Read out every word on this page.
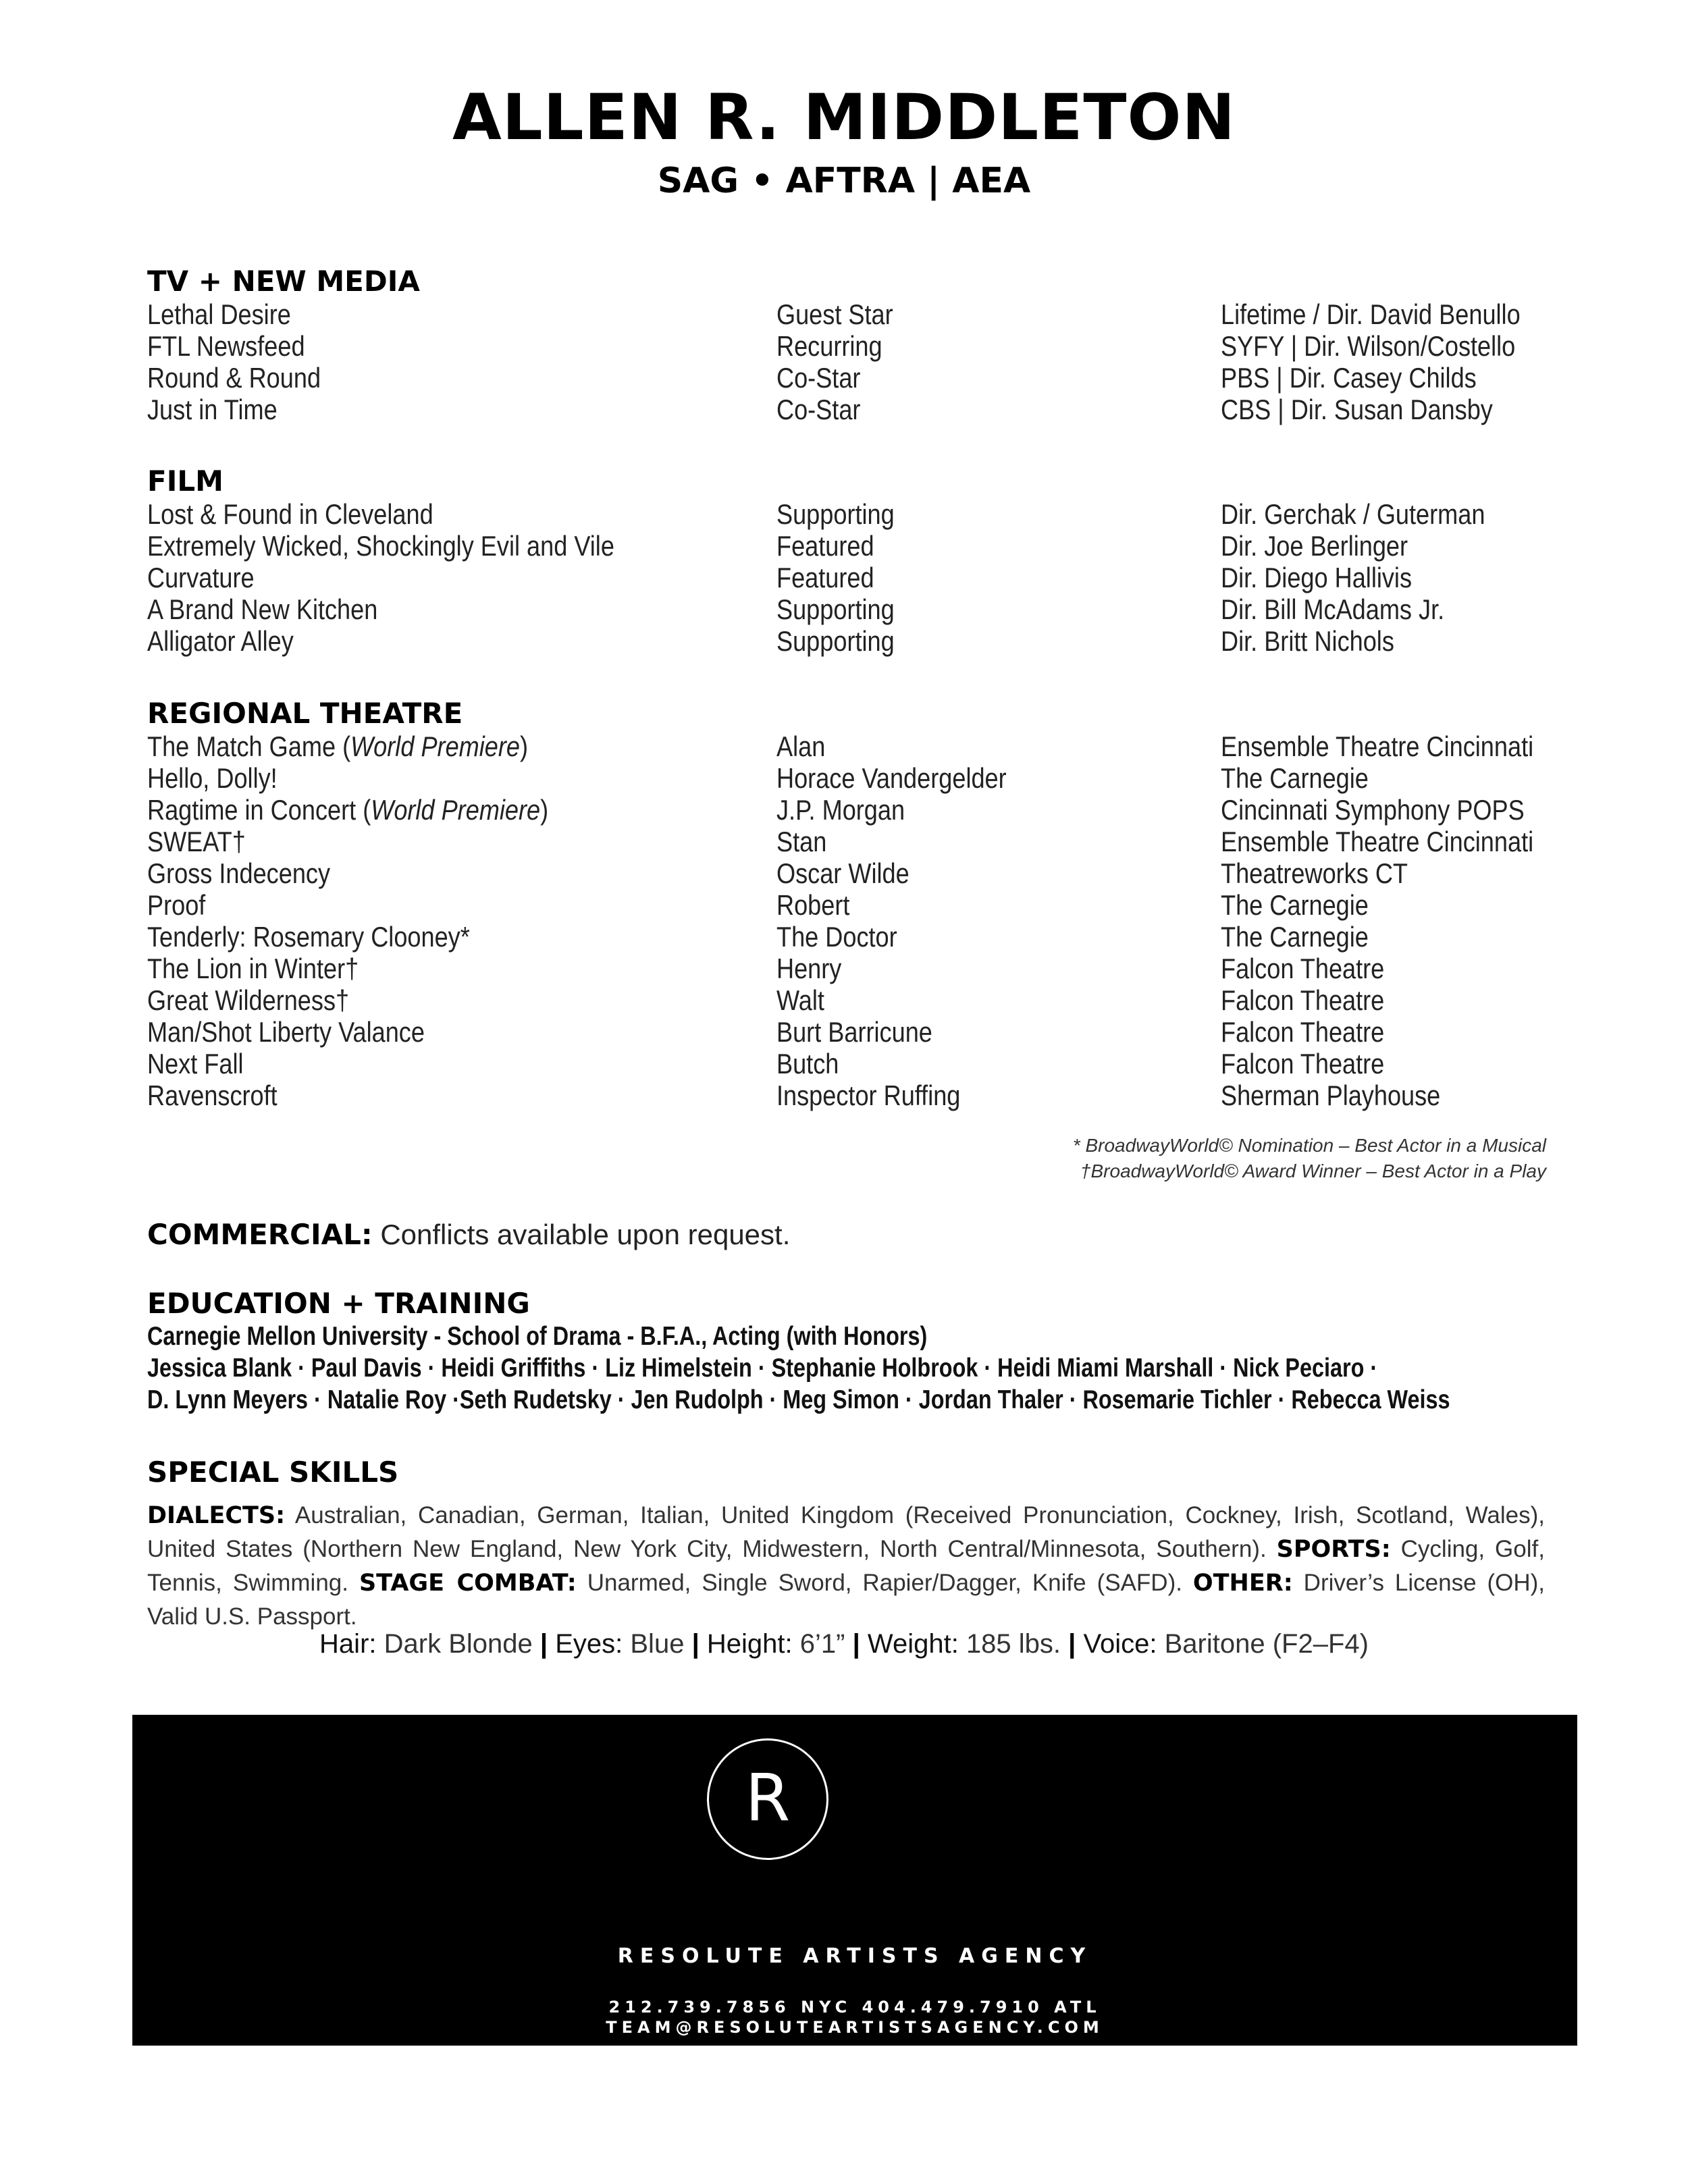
ALLEN R. MIDDLETON
SAG • AFTRA | AEA
TV + NEW MEDIA
Lethal Desire	Guest Star	Lifetime / Dir. David Benullo
FTL Newsfeed	Recurring	SYFY | Dir. Wilson/Costello
Round & Round	Co-Star	PBS | Dir. Casey Childs
Just in Time	Co-Star	CBS | Dir. Susan Dansby
FILM
Lost & Found in Cleveland	Supporting	Dir. Gerchak / Guterman
Extremely Wicked, Shockingly Evil and Vile	Featured	Dir. Joe Berlinger
Curvature	Featured	Dir. Diego Hallivis
A Brand New Kitchen	Supporting	Dir. Bill McAdams Jr.
Alligator Alley	Supporting	Dir. Britt Nichols
REGIONAL THEATRE
The Match Game (World Premiere)	Alan	Ensemble Theatre Cincinnati
Hello, Dolly!	Horace Vandergelder	The Carnegie
Ragtime in Concert (World Premiere)	J.P. Morgan	Cincinnati Symphony POPS
SWEAT†	Stan	Ensemble Theatre Cincinnati
Gross Indecency	Oscar Wilde	Theatreworks CT
Proof	Robert	The Carnegie
Tenderly: Rosemary Clooney*	The Doctor	The Carnegie
The Lion in Winter†	Henry	Falcon Theatre
Great Wilderness†	Walt	Falcon Theatre
Man/Shot Liberty Valance	Burt Barricune	Falcon Theatre
Next Fall	Butch	Falcon Theatre
Ravenscroft	Inspector Ruffing	Sherman Playhouse
* BroadwayWorld© Nomination – Best Actor in a Musical
†BroadwayWorld© Award Winner – Best Actor in a Play
COMMERCIAL: Conflicts available upon request.
EDUCATION + TRAINING
Carnegie Mellon University - School of Drama - B.F.A., Acting (with Honors)
Jessica Blank · Paul Davis · Heidi Griffiths · Liz Himelstein · Stephanie Holbrook · Heidi Miami Marshall · Nick Peciaro ·
D. Lynn Meyers · Natalie Roy ·Seth Rudetsky · Jen Rudolph · Meg Simon · Jordan Thaler · Rosemarie Tichler · Rebecca Weiss
SPECIAL SKILLS
DIALECTS: Australian, Canadian, German, Italian, United Kingdom (Received Pronunciation, Cockney, Irish, Scotland, Wales), United States (Northern New England, New York City, Midwestern, North Central/Minnesota, Southern). SPORTS: Cycling, Golf, Tennis, Swimming. STAGE COMBAT: Unarmed, Single Sword, Rapier/Dagger, Knife (SAFD). OTHER: Driver’s License (OH), Valid U.S. Passport.
Hair: Dark Blonde | Eyes: Blue | Height: 6’1” | Weight: 185 lbs. | Voice: Baritone (F2–F4)
R
RESOLUTE ARTISTS AGENCY
212.739.7856 NYC 404.479.7910 ATL
TEAM@RESOLUTEARTISTSAGENCY.COM
